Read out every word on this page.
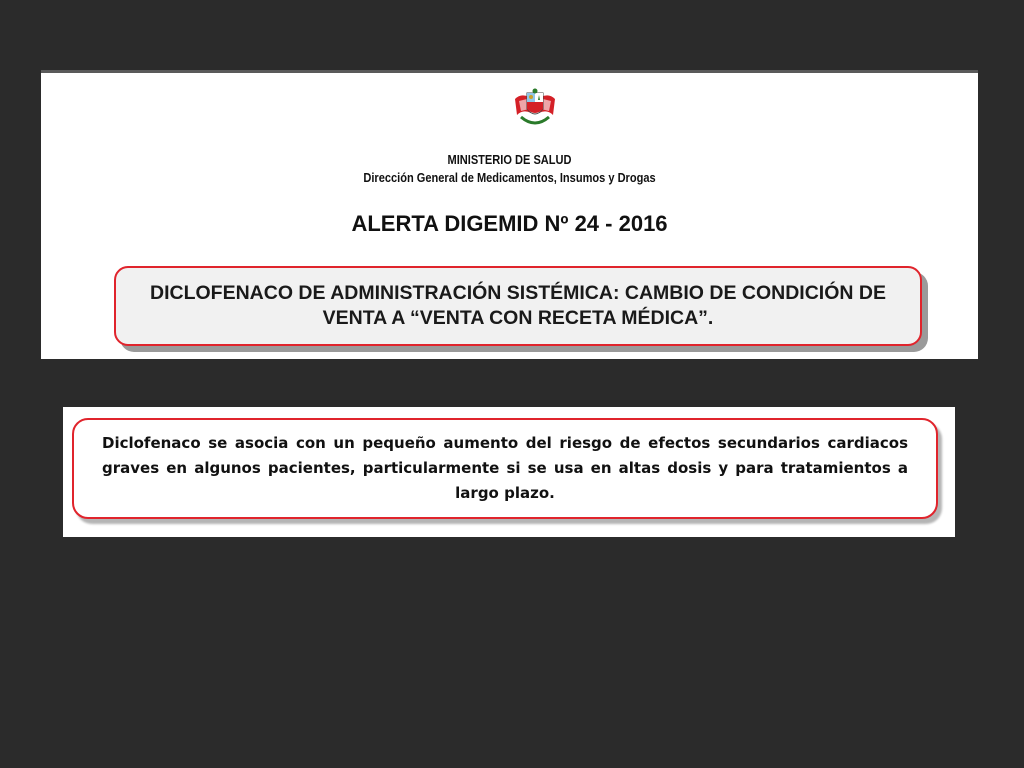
MINISTERIO DE SALUD
Dirección General de Medicamentos, Insumos y Drogas
ALERTA DIGEMID Nº 24 - 2016
DICLOFENACO DE ADMINISTRACIÓN SISTÉMICA: CAMBIO DE CONDICIÓN DE VENTA A “VENTA CON RECETA MÉDICA”.
Diclofenaco se asocia con un pequeño aumento del riesgo de efectos secundarios cardiacos graves en algunos pacientes, particularmente si se usa en altas dosis y para tratamientos a largo plazo.
